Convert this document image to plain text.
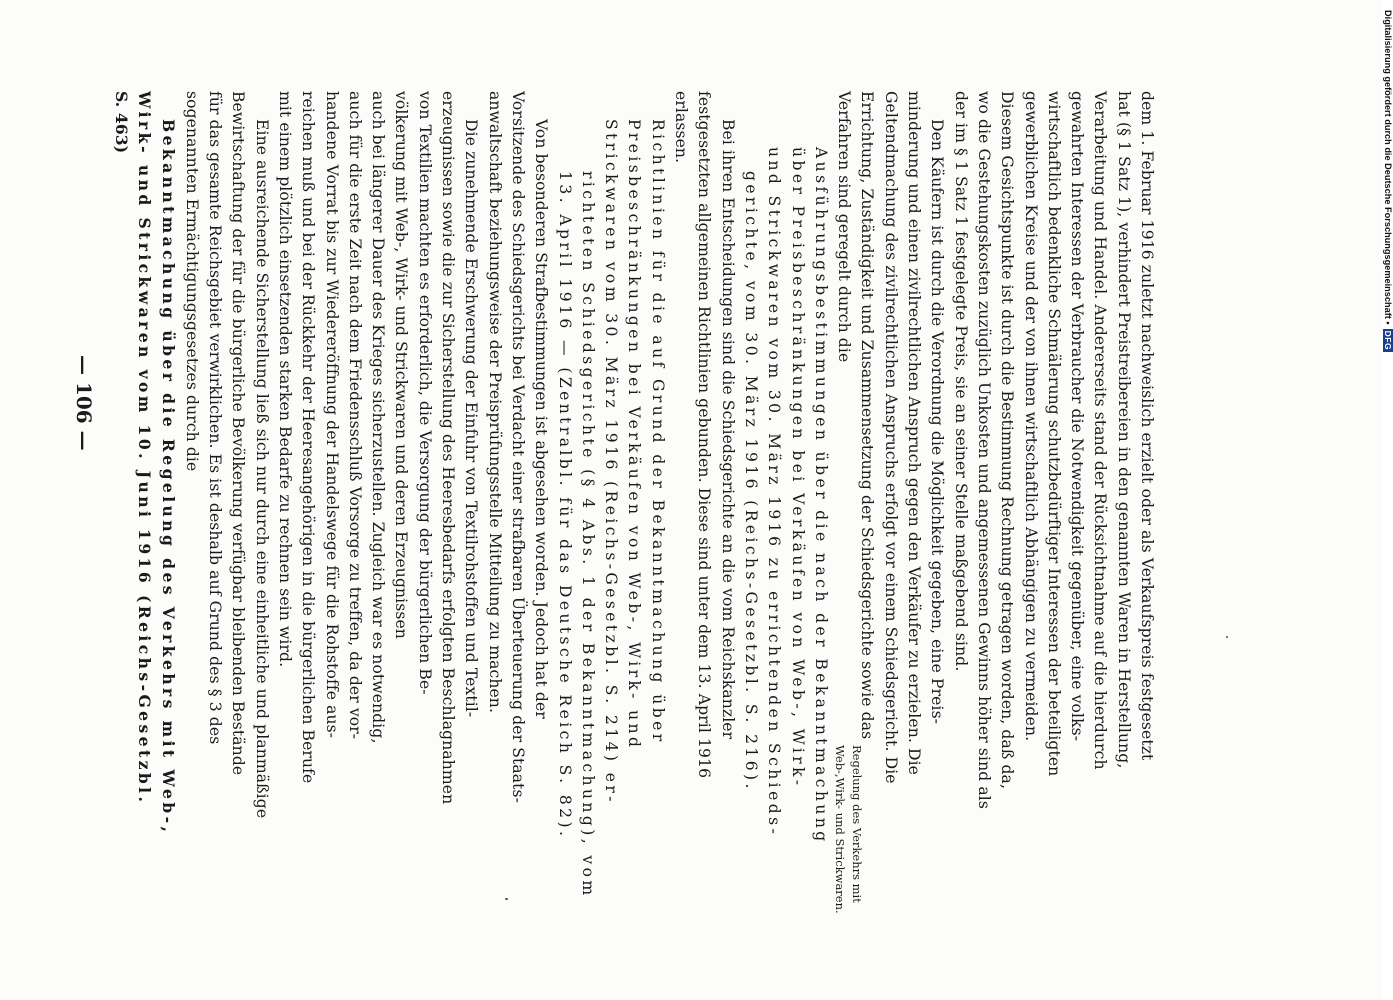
— 106 —	dem 1. Februar 1916 zuletzt nachweislich erzielt oder als Verkaufspreis festgesetzt
hat (§ 1 Satz 1), verhindert Preistreibereien in den genannten Waren in Herstellung,
Verarbeitung und Handel. Andererseits stand der Rücksichtnahme auf die hierdurch
gewahrten Interessen der Verbraucher die Notwendigkeit gegenüber, eine volks-
wirtschaftlich bedenkliche Schmälerung schutzbedürftiger Interessen der beteiligten
gewerblichen Kreise und der von ihnen wirtschaftlich Abhängigen zu vermeiden.
Diesem Gesichtspunkte ist durch die Bestimmung Rechnung getragen worden, daß da,
wo die Gestehungskosten zuzüglich Unkosten und angemessenen Gewinns höher sind als
der im § 1 Satz 1 festgelegte Preis, sie an seiner Stelle maßgebend sind.
Den Käufern ist durch die Verordnung die Möglichkeit gegeben, eine Preis-
minderung und einen zivilrechtlichen Anspruch gegen den Verkäufer zu erzielen. Die
Geltendmachung des zivilrechtlichen Anspruchs erfolgt vor einem Schiedsgericht. Die
Errichtung, Zuständigkeit und Zusammensetzung der Schiedsgerichte sowie das
Verfahren sind geregelt durch die
Ausführungsbestimmungen über die nach der Bekanntmachung
über Preisbeschränkungen bei Verkäufen von Web-, Wirk-
und Strickwaren vom 30. März 1916 zu errichtenden Schieds-
gerichte, vom 30. März 1916 (Reichs-Gesetzbl. S. 216).
Bei ihren Entscheidungen sind die Schiedsgerichte an die vom Reichskanzler
festgesetzten allgemeinen Richtlinien gebunden. Diese sind unter dem 13. April 1916
erlassen.
Richtlinien für die auf Grund der Bekanntmachung über
Preisbeschränkungen bei Verkäufen von Web-, Wirk- und
Strickwaren vom 30. März 1916 (Reichs-Gesetzbl. S. 214) er-
richteten Schiedsgerichte (§ 4 Abs. 1 der Bekanntmachung), vom
13. April 1916 — (Zentralbl. für das Deutsche Reich S. 82).
Von besonderen Strafbestimmungen ist abgesehen worden. Jedoch hat der
Vorsitzende des Schiedsgerichts bei Verdacht einer strafbaren Überteuerung der Staats-
anwaltschaft beziehungsweise der Preisprüfungsstelle Mitteilung zu machen.
Die zunehmende Erschwerung der Einfuhr von Textilrohstoffen und Textil-
erzeugnissen sowie die zur Sicherstellung des Heeresbedarfs erfolgten Beschlagnahmen
von Textilien machten es erforderlich, die Versorgung der bürgerlichen Be-
völkerung mit Web-, Wirk- und Strickwaren und deren Erzeugnissen
auch bei längerer Dauer des Krieges sicherzustellen. Zugleich war es notwendig,
auch für die erste Zeit nach dem Friedensschluß Vorsorge zu treffen, da der vor-
handene Vorrat bis zur Wiedereröffnung der Handelswege für die Rohstoffe aus-
reichen muß und bei der Rückkehr der Heeresangehörigen in die bürgerlichen Berufe
mit einem plötzlich einsetzenden starken Bedarfe zu rechnen sein wird.
Eine ausreichende Sicherstellung ließ sich nur durch eine einheitliche und planmäßige
Bewirtschaftung der für die bürgerliche Bevölkerung verfügbar bleibenden Bestände
für das gesamte Reichsgebiet verwirklichen. Es ist deshalb auf Grund des § 3 des
sogenannten Ermächtigungsgesetzes durch die
Bekanntmachung über die Regelung des Verkehrs mit Web-,
Wirk- und Strickwaren vom 10. Juni 1916 (Reichs-Gesetzbl.
S. 463)
Regelung des Verkehrs mit
Web-,Wirk- und Strickwaren.
Digitalisierung gefördert durch die Deutsche Forschungsgemeinschaft •
DFG
